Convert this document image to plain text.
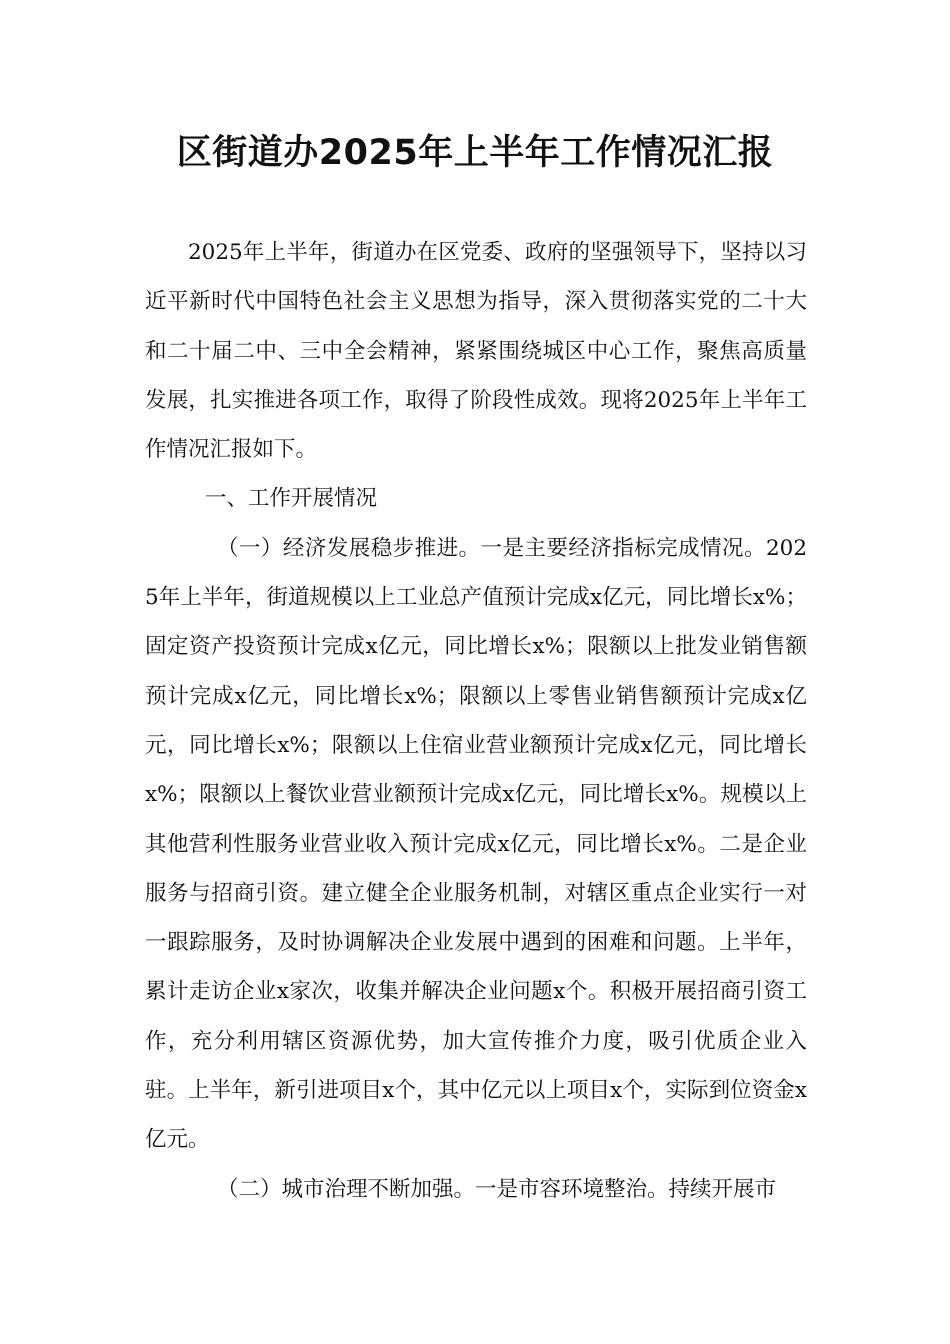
区街道办2025年上半年工作情况汇报

2025年上半年，街道办在区党委、政府的坚强领导下，坚持以习近平新时代中国特色社会主义思想为指导，深入贯彻落实党的二十大和二十届二中、三中全会精神，紧紧围绕城区中心工作，聚焦高质量发展，扎实推进各项工作，取得了阶段性成效。现将2025年上半年工作情况汇报如下。

一、工作开展情况

（一）经济发展稳步推进。一是主要经济指标完成情况。2025年上半年，街道规模以上工业总产值预计完成x亿元，同比增长x%；固定资产投资预计完成x亿元，同比增长x%；限额以上批发业销售额预计完成x亿元，同比增长x%；限额以上零售业销售额预计完成x亿元，同比增长x%；限额以上住宿业营业额预计完成x亿元，同比增长x%；限额以上餐饮业营业额预计完成x亿元，同比增长x%。规模以上其他营利性服务业营业收入预计完成x亿元，同比增长x%。二是企业服务与招商引资。建立健全企业服务机制，对辖区重点企业实行一对一跟踪服务，及时协调解决企业发展中遇到的困难和问题。上半年，累计走访企业x家次，收集并解决企业问题x个。积极开展招商引资工作，充分利用辖区资源优势，加大宣传推介力度，吸引优质企业入驻。上半年，新引进项目x个，其中亿元以上项目x个，实际到位资金x亿元。

（二）城市治理不断加强。一是市容环境整治。持续开展市
